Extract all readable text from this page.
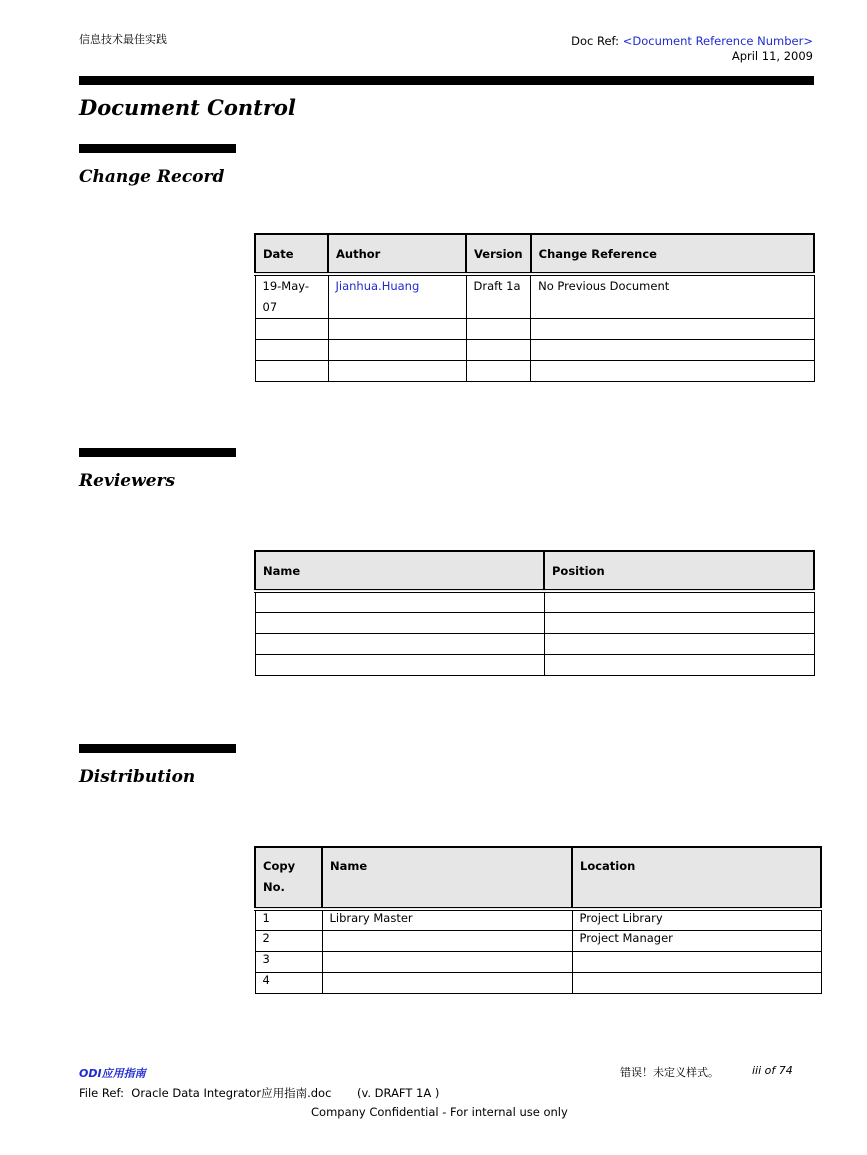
信息技术最佳实践	Doc Ref: <Document Reference Number>
April 11, 2009
Document Control
Change Record
Date	Author	Version	Change Reference
19-May-07	Jianhua.Huang	Draft 1a	No Previous Document

Reviewers
Name	Position

Distribution
Copy No.	Name	Location
1	Library Master	Project Library
2		Project Manager
3		
4		
ODI应用指南	错误！未定义样式。	iii of 74
File Ref:  Oracle Data Integrator应用指南.doc       (v. DRAFT 1A )
Company Confidential - For internal use only
